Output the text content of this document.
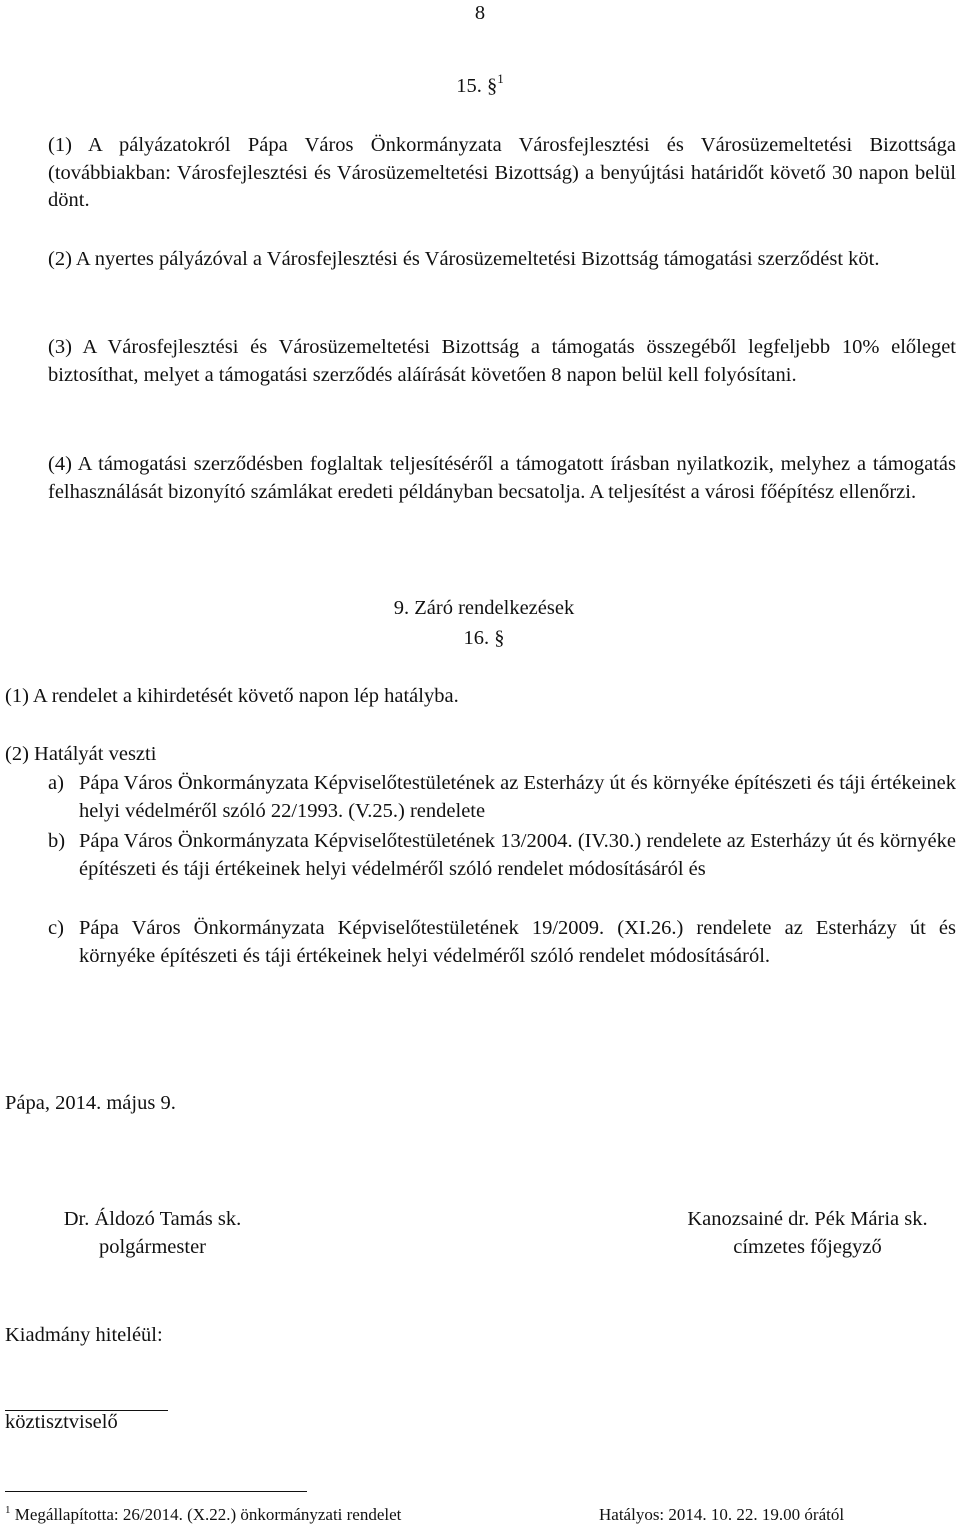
8
15. §$^1$
(1) A pályázatokról Pápa Város Önkormányzata Városfejlesztési és Városüzemeltetési Bizottsága (továbbiakban: Városfejlesztési és Városüzemeltetési Bizottság) a benyújtási határidőt követő 30 napon belül dönt.
(2) A nyertes pályázóval a Városfejlesztési és Városüzemeltetési Bizottság támogatási szerződést köt.
(3) A Városfejlesztési és Városüzemeltetési Bizottság a támogatás összegéből legfeljebb 10% előleget biztosíthat, melyet a támogatási szerződés aláírását követően 8 napon belül kell folyósítani.
(4) A támogatási szerződésben foglaltak teljesítéséről a támogatott írásban nyilatkozik, melyhez a támogatás felhasználását bizonyító számlákat eredeti példányban becsatolja. A teljesítést a városi főépítész ellenőrzi.
9. Záró rendelkezések
16. §
(1) A rendelet a kihirdetését követő napon lép hatályba.
(2) Hatályát veszti
a) Pápa Város Önkormányzata Képviselőtestületének az Esterházy út és környéke építészeti és táji értékeinek helyi védelméről szóló 22/1993. (V.25.) rendelete
b) Pápa Város Önkormányzata Képviselőtestületének 13/2004. (IV.30.) rendelete az Esterházy út és környéke építészeti és táji értékeinek helyi védelméről szóló rendelet módosításáról és
c) Pápa Város Önkormányzata Képviselőtestületének 19/2009. (XI.26.) rendelete az Esterházy út és környéke építészeti és táji értékeinek helyi védelméről szóló rendelet módosításáról.
Pápa, 2014. május 9.
Dr. Áldozó Tamás sk.
polgármester
Kanozsainé dr. Pék Mária sk.
címzetes főjegyző
Kiadmány hiteléül:
köztisztviselő
$^1$ Megállapította: 26/2014. (X.22.) önkormányzati rendelet	Hatályos: 2014. 10. 22. 19.00 órától
